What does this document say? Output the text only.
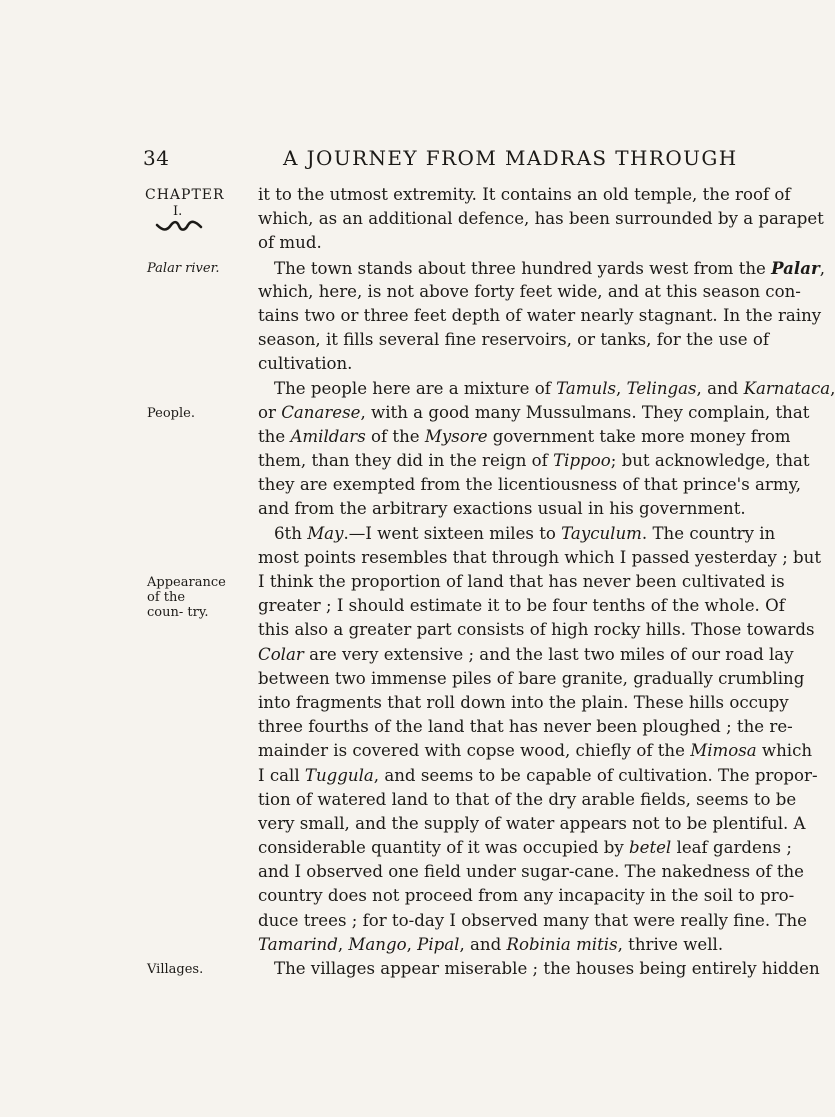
34	A JOURNEY FROM MADRAS THROUGH
CHAPTER
I.
Palar river.
People.
Appearance of the coun- try.
Villages.
it to the utmost extremity. It contains an old temple, the roof of
which, as an additional defence, has been surrounded by a parapet
of mud.
The town stands about three hundred yards west from the Palar,
which, here, is not above forty feet wide, and at this season con-
tains two or three feet depth of water nearly stagnant. In the rainy
season, it fills several fine reservoirs, or tanks, for the use of
cultivation.
The people here are a mixture of Tamuls, Telingas, and Karnataca,
or Canarese, with a good many Mussulmans. They complain, that
the Amildars of the Mysore government take more money from
them, than they did in the reign of Tippoo; but acknowledge, that
they are exempted from the licentiousness of that prince's army,
and from the arbitrary exactions usual in his government.
6th May.—I went sixteen miles to Tayculum. The country in
most points resembles that through which I passed yesterday ; but
I think the proportion of land that has never been cultivated is
greater ; I should estimate it to be four tenths of the whole. Of
this also a greater part consists of high rocky hills. Those towards
Colar are very extensive ; and the last two miles of our road lay
between two immense piles of bare granite, gradually crumbling
into fragments that roll down into the plain. These hills occupy
three fourths of the land that has never been ploughed ; the re-
mainder is covered with copse wood, chiefly of the Mimosa which
I call Tuggula, and seems to be capable of cultivation. The propor-
tion of watered land to that of the dry arable fields, seems to be
very small, and the supply of water appears not to be plentiful. A
considerable quantity of it was occupied by betel leaf gardens ;
and I observed one field under sugar-cane. The nakedness of the
country does not proceed from any incapacity in the soil to pro-
duce trees ; for to-day I observed many that were really fine. The
Tamarind, Mango, Pipal, and Robinia mitis, thrive well.
The villages appear miserable ; the houses being entirely hidden
